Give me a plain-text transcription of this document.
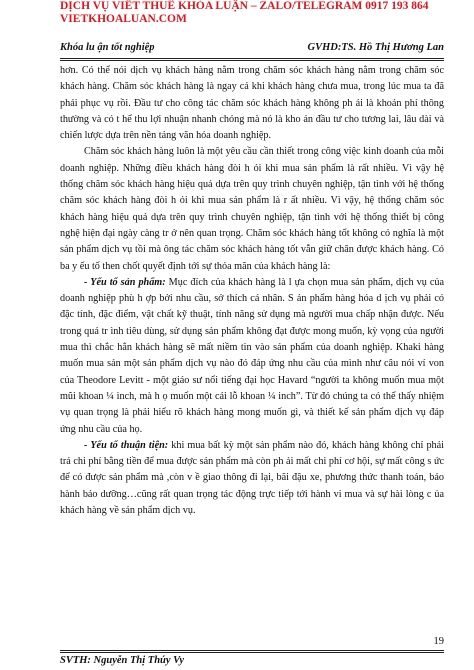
DỊCH VỤ VIẾT THUÊ KHÓA LUẬN – ZALO/TELEGRAM 0917 193 864
VIETKHOALUAN.COM
Khóa lu ận tốt nghiệp	GVHD:TS. Hồ Thị Hương Lan

hơn. Có thể nói dịch vụ khách hàng nằm trong chăm sóc khách hàng nằm trong chăm sóc khách hàng. Chăm sóc khách hàng là ngay cả khi khách hàng chưa mua, trong lúc mua ta đã phải phục vụ rồi. Đầu tư cho công tác chăm sóc khách hàng không ph ải là khoản phí thông thường và có t hể thu lợi nhuận nhanh chóng mà nó là kho ản đầu tư cho tương lai, lâu dài và chiến lược dựa trên nền tảng văn hóa doanh nghiệp.

Chăm sóc khách hàng luôn là một yêu cầu cần thiết trong công việc kinh doanh của mỗi doanh nghiệp. Những điều khách hàng đòi h ỏi khi mua sản phẩm là rất nhiều. Vì vậy hệ thống chăm sóc khách hàng hiệu quả dựa trên quy trình chuyên nghiệp, tận tình với hệ thống chăm sóc khách hàng đòi h ỏi khi mua sản phẩm là r ất nhiều. Vì vậy, hệ thống chăm sóc khách hàng hiệu quả dựa trên quy trình chuyên nghiệp, tận tình với hệ thống thiết bị công nghệ hiện đại ngày càng tr ở nên quan trọng. Chăm sóc khách hàng tốt không có nghĩa là một sản phẩm dịch vụ tồi mà ông tác chăm sóc khách hàng tốt vẫn giữ chân được khách hàng. Có ba y ếu tố then chốt quyết định tới sự thỏa mãn của khách hàng là:

- Yếu tố sản phẩm: Mục đích của khách hàng là l ựa chọn mua sản phẩm, dịch vụ của doanh nghiệp phù h ợp bởi nhu cầu, sở thích cá nhân. S ản phẩm hàng hóa d ịch vụ phải có đặc tính, đặc điểm, vật chất kỹ thuật, tính năng sử dụng mà người mua chấp nhận được. Nếu trong quá tr ình tiêu dùng, sử dụng sản phẩm không đạt được mong muốn, kỳ vọng của người mua thì chắc hẳn khách hàng sẽ mất niềm tin vào sản phẩm của doanh nghiệp. Khaki hàng muốn mua sản một sản phẩm dịch vụ nào đó đáp ứng nhu cầu của mình như câu nói ví von của Theodore Levitt - một giáo sư nổi tiếng đại học Havard “người ta không muốn mua một mũi khoan ¼ inch, mà h ọ muốn một cái lỗ khoan ¼ inch”. Từ đó chúng ta có thể thấy nhiệm vụ quan trọng là phải hiểu rõ khách hàng mong muốn gì, và thiết kế sản phẩm dịch vụ đáp ứng nhu cầu của họ.

- Yếu tố thuận tiện: khi mua bất kỳ một sản phẩm nào đó, khách hàng không chỉ phải trả chi phí bằng tiền để mua được sản phẩm mà còn ph ải mất chi phí cơ hội, sự mất công s ức để có được sản phẩm mà ,còn v ề giao thông đi lại, bãi đậu xe, phương thức thanh toán, bảo hành bảo dưỡng…cũng rất quan trọng tác động trực tiếp tới hành vi mua và sự hài lòng c ủa khách hàng về sản phẩm dịch vụ.

19
SVTH: Nguyễn Thị Thúy Vy
